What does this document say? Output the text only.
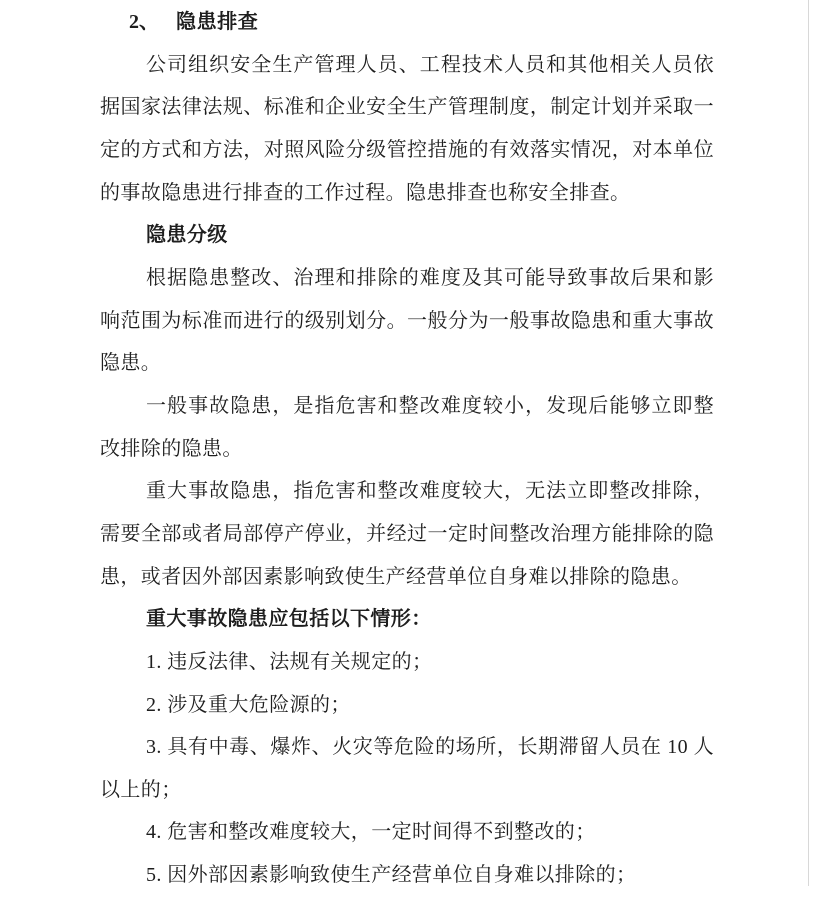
2、 隐患排查

公司组织安全生产管理人员、工程技术人员和其他相关人员依据国家法律法规、标准和企业安全生产管理制度，制定计划并采取一定的方式和方法，对照风险分级管控措施的有效落实情况，对本单位的事故隐患进行排查的工作过程。隐患排查也称安全排查。

隐患分级

根据隐患整改、治理和排除的难度及其可能导致事故后果和影响范围为标准而进行的级别划分。一般分为一般事故隐患和重大事故隐患。

一般事故隐患，是指危害和整改难度较小，发现后能够立即整改排除的隐患。

重大事故隐患，指危害和整改难度较大，无法立即整改排除，需要全部或者局部停产停业，并经过一定时间整改治理方能排除的隐患，或者因外部因素影响致使生产经营单位自身难以排除的隐患。

重大事故隐患应包括以下情形：

1. 违反法律、法规有关规定的；

2. 涉及重大危险源的；

3. 具有中毒、爆炸、火灾等危险的场所，长期滞留人员在 10 人以上的；

4. 危害和整改难度较大，一定时间得不到整改的；

5. 因外部因素影响致使生产经营单位自身难以排除的；
